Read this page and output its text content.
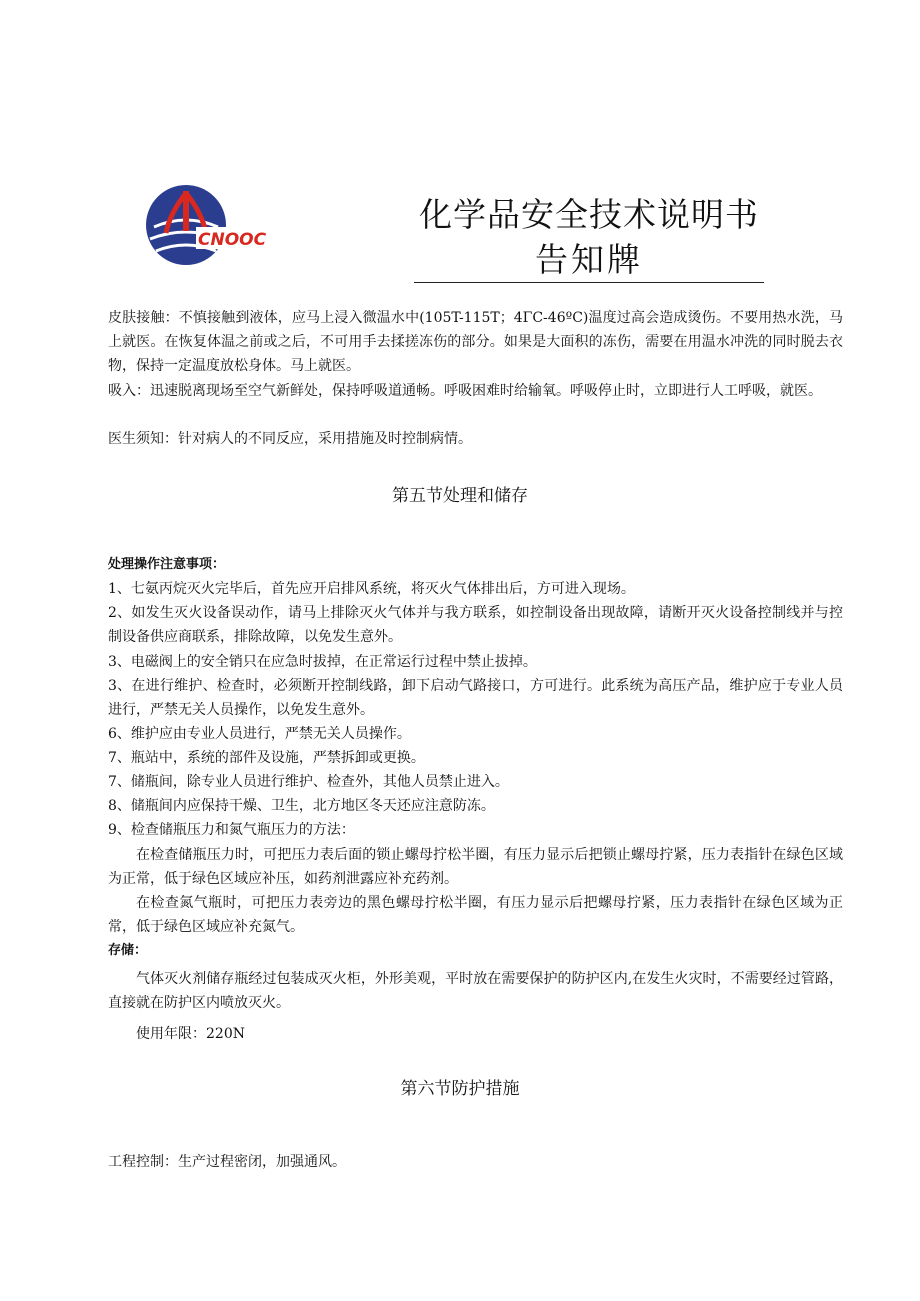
CNOOC
化学品安全技术说明书
告知牌

皮肤接触：不慎接触到液体，应马上浸入微温水中(105T-115T；4ΓC-46ºC)温度过高会造成烫伤。不要用热水洗，马上就医。在恢复体温之前或之后，不可用手去揉搓冻伤的部分。如果是大面积的冻伤，需要在用温水冲洗的同时脱去衣物，保持一定温度放松身体。马上就医。

吸入：迅速脱离现场至空气新鲜处，保持呼吸道通畅。呼吸困难时给输氧。呼吸停止时，立即进行人工呼吸，就医。

医生须知：针对病人的不同反应，采用措施及时控制病情。

第五节处理和储存

处理操作注意事项：

1、七氨丙烷灭火完毕后，首先应开启排风系统，将灭火气体排出后，方可进入现场。

2、如发生灭火设备误动作，请马上排除灭火气体并与我方联系，如控制设备出现故障，请断开灭火设备控制线并与控制设备供应商联系，排除故障，以免发生意外。

3、电磁阀上的安全销只在应急时拔掉，在正常运行过程中禁止拔掉。

3、在进行维护、检查时，必须断开控制线路，卸下启动气路接口，方可进行。此系统为高压产品，维护应于专业人员进行，严禁无关人员操作，以免发生意外。

6、维护应由专业人员进行，严禁无关人员操作。

7、瓶站中，系统的部件及设施，严禁拆卸或更换。

7、储瓶间，除专业人员进行维护、检查外，其他人员禁止进入。

8、储瓶间内应保持干燥、卫生，北方地区冬天还应注意防冻。

9、检查储瓶压力和氮气瓶压力的方法：

在检查储瓶压力时，可把压力表后面的锁止螺母拧松半圈，有压力显示后把锁止螺母拧紧，压力表指针在绿色区域为正常，低于绿色区域应补压，如药剂泄露应补充药剂。

在检查氮气瓶时，可把压力表旁边的黑色螺母拧松半圈，有压力显示后把螺母拧紧，压力表指针在绿色区域为正常，低于绿色区域应补充氮气。

存储：

气体灭火剂储存瓶经过包装成灭火柜，外形美观，平时放在需要保护的防护区内,在发生火灾时，不需要经过管路，直接就在防护区内喷放灭火。

使用年限：220N

第六节防护措施

工程控制：生产过程密闭，加强通风。
